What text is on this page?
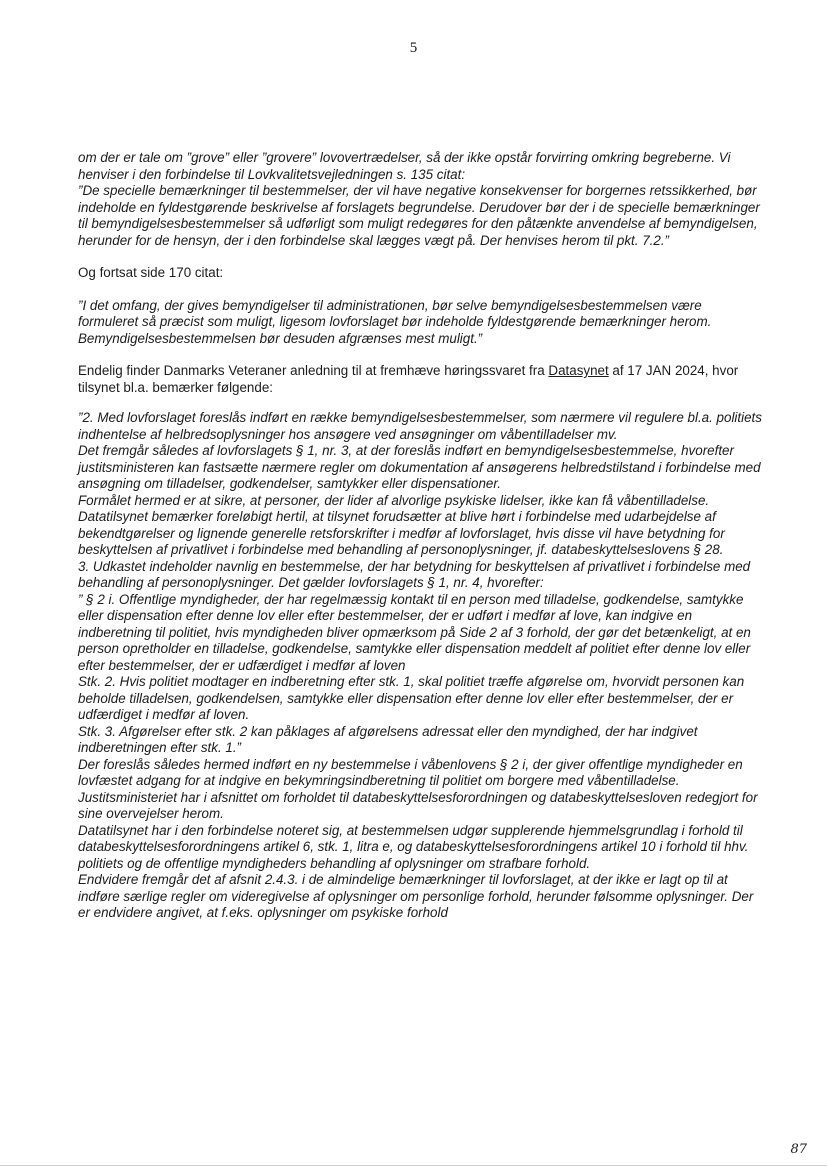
5

om der er tale om ”grove” eller ”grovere” lovovertrædelser, så der ikke opstår forvirring omkring begreberne. Vi henviser i den forbindelse til Lovkvalitetsvejledningen s. 135 citat:

”De specielle bemærkninger til bestemmelser, der vil have negative konsekvenser for borgernes retssikkerhed, bør indeholde en fyldestgørende beskrivelse af forslagets begrundelse. Derudover bør der i de specielle bemærkninger til bemyndigelsesbestemmelser så udførligt som muligt redegøres for den påtænkte anvendelse af bemyndigelsen, herunder for de hensyn, der i den forbindelse skal lægges vægt på. Der henvises herom til pkt. 7.2.”

Og fortsat side 170 citat:

”I det omfang, der gives bemyndigelser til administrationen, bør selve bemyndigelsesbestemmelsen være formuleret så præcist som muligt, ligesom lovforslaget bør indeholde fyldestgørende bemærkninger herom. Bemyndigelsesbestemmelsen bør desuden afgrænses mest muligt.”

Endelig finder Danmarks Veteraner anledning til at fremhæve høringssvaret fra Datasynet af 17 JAN 2024, hvor tilsynet bl.a. bemærker følgende:

”2. Med lovforslaget foreslås indført en række bemyndigelsesbestemmelser, som nærmere vil regulere bl.a. politiets indhentelse af helbredsoplysninger hos ansøgere ved ansøgninger om våbentilladelser mv.

Det fremgår således af lovforslagets § 1, nr. 3, at der foreslås indført en bemyndigelsesbestemmelse, hvorefter justitsministeren kan fastsætte nærmere regler om dokumentation af ansøgerens helbredstilstand i forbindelse med ansøgning om tilladelser, godkendelser, samtykker eller dispensationer.

Formålet hermed er at sikre, at personer, der lider af alvorlige psykiske lidelser, ikke kan få våbentilladelse.

Datatilsynet bemærker foreløbigt hertil, at tilsynet forudsætter at blive hørt i forbindelse med udarbejdelse af bekendtgørelser og lignende generelle retsforskrifter i medfør af lovforslaget, hvis disse vil have betydning for beskyttelsen af privatlivet i forbindelse med behandling af personoplysninger, jf. databeskyttelseslovens § 28.

3. Udkastet indeholder navnlig en bestemmelse, der har betydning for beskyttelsen af privatlivet i forbindelse med behandling af personoplysninger. Det gælder lovforslagets § 1, nr. 4, hvorefter:

” § 2 i. Offentlige myndigheder, der har regelmæssig kontakt til en person med tilladelse, godkendelse, samtykke eller dispensation efter denne lov eller efter bestemmelser, der er udført i medfør af love, kan indgive en indberetning til politiet, hvis myndigheden bliver opmærksom på Side 2 af 3 forhold, der gør det betænkeligt, at en person opretholder en tilladelse, godkendelse, samtykke eller dispensation meddelt af politiet efter denne lov eller efter bestemmelser, der er udfærdiget i medfør af loven

Stk. 2. Hvis politiet modtager en indberetning efter stk. 1, skal politiet træffe afgørelse om, hvorvidt personen kan beholde tilladelsen, godkendelsen, samtykke eller dispensation efter denne lov eller efter bestemmelser, der er udfærdiget i medfør af loven.

Stk. 3. Afgørelser efter stk. 2 kan påklages af afgørelsens adressat eller den myndighed, der har indgivet indberetningen efter stk. 1.”

Der foreslås således hermed indført en ny bestemmelse i våbenlovens § 2 i, der giver offentlige myndigheder en lovfæstet adgang for at indgive en bekymringsindberetning til politiet om borgere med våbentilladelse.

Justitsministeriet har i afsnittet om forholdet til databeskyttelsesforordningen og databeskyttelsesloven redegjort for sine overvejelser herom.

Datatilsynet har i den forbindelse noteret sig, at bestemmelsen udgør supplerende hjemmelsgrundlag i forhold til databeskyttelsesforordningens artikel 6, stk. 1, litra e, og databeskyttelsesforordningens artikel 10 i forhold til hhv. politiets og de offentlige myndigheders behandling af oplysninger om strafbare forhold.

Endvidere fremgår det af afsnit 2.4.3. i de almindelige bemærkninger til lovforslaget, at der ikke er lagt op til at indføre særlige regler om videregivelse af oplysninger om personlige forhold, herunder følsomme oplysninger. Der er endvidere angivet, at f.eks. oplysninger om psykiske forhold

87
